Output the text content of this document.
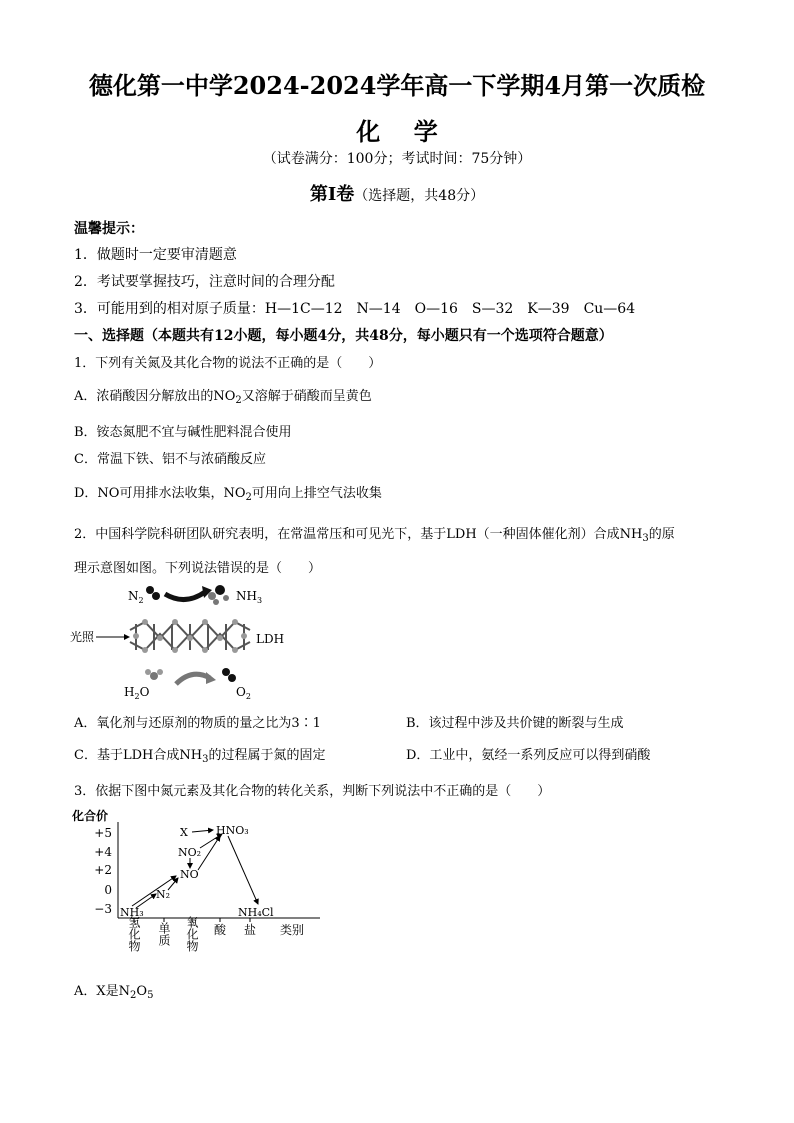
德化第一中学2024-2024学年高一下学期4月第一次质检
化    学
（试卷满分：100分；考试时间：75分钟）
第Ⅰ卷（选择题，共48分）
温馨提示：
1．做题时一定要审清题意
2．考试要掌握技巧，注意时间的合理分配
3．可能用到的相对原子质量：H—1C—12　N—14　O—16　S—32　K—39　Cu—64
一、选择题（本题共有12小题，每小题4分，共48分，每小题只有一个选项符合题意）
1．下列有关氮及其化合物的说法不正确的是（　　）
A．浓硝酸因分解放出的$NO_2$又溶解于硝酸而呈黄色
B．铵态氮肥不宜与碱性肥料混合使用
C．常温下铁、铝不与浓硝酸反应
D．NO可用排水法收集，$NO_2$可用向上排空气法收集
2．中国科学院科研团队研究表明，在常温常压和可见光下，基于LDH（一种固体催化剂）合成$NH_3$的原
理示意图如图。下列说法错误的是（　　）
$N_2$	$NH_3$
光照	LDH
$H_2O$	$O_2$
A．氧化剂与还原剂的物质的量之比为3∶1	B．该过程中涉及共价键的断裂与生成
C．基于LDH合成$NH_3$的过程属于氮的固定	D．工业中，氨经一系列反应可以得到硝酸
3．依据下图中氮元素及其化合物的转化关系，判断下列说法中不正确的是（　　）
化合价
+5
+4
+2
0
−3
氢化物 单质 氧化物 酸 盐 类别
X	HNO₃
NO₂
NO
N₂
NH₃	NH₄Cl
A．X是$N_2O_5$
